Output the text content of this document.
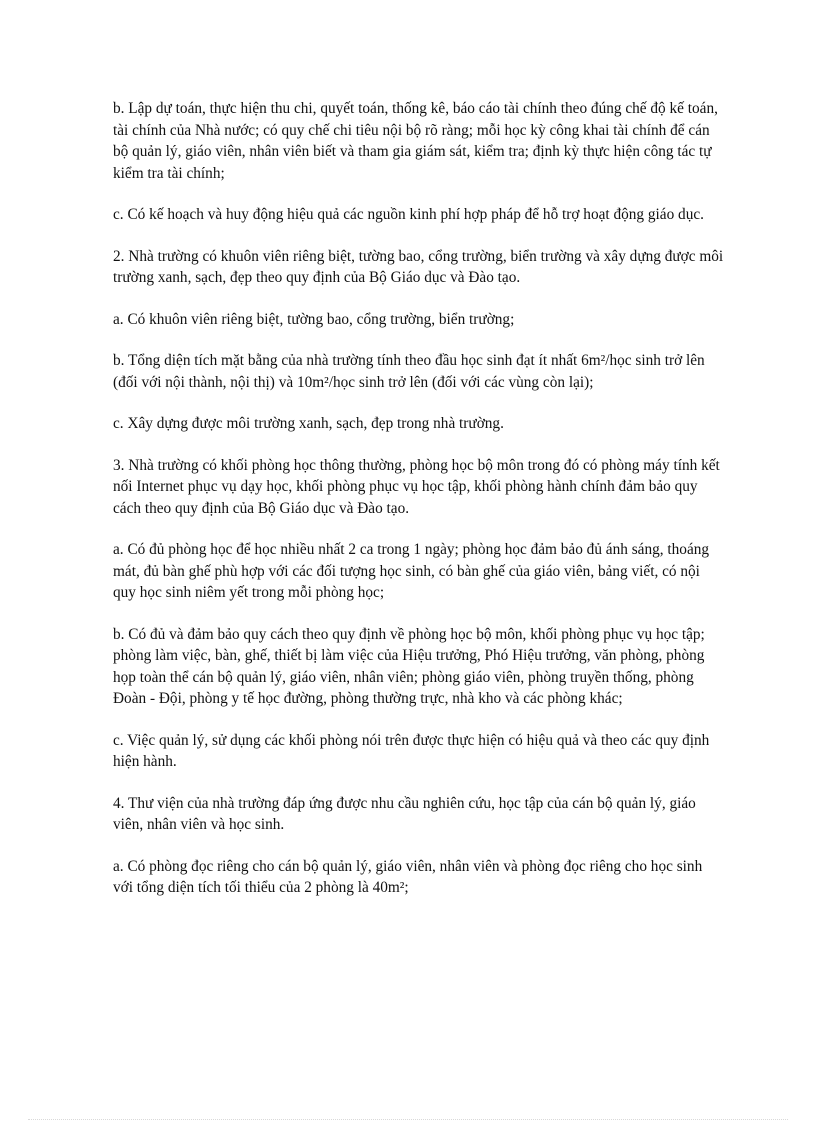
b. Lập dự toán, thực hiện thu chi, quyết toán, thống kê, báo cáo tài chính theo đúng chế độ kế toán, tài chính của Nhà nước; có quy chế chi tiêu nội bộ rõ ràng; mỗi học kỳ công khai tài chính để cán bộ quản lý, giáo viên, nhân viên biết và tham gia giám sát, kiểm tra; định kỳ thực hiện công tác tự kiểm tra tài chính;

c. Có kế hoạch và huy động hiệu quả các nguồn kinh phí hợp pháp để hỗ trợ hoạt động giáo dục.

2. Nhà trường có khuôn viên riêng biệt, tường bao, cổng trường, biển trường và xây dựng được môi trường xanh, sạch, đẹp theo quy định của Bộ Giáo dục và Đào tạo.

a. Có khuôn viên riêng biệt, tường bao, cổng trường, biển trường;

b. Tổng diện tích mặt bằng của nhà trường tính theo đầu học sinh đạt ít nhất 6m²/học sinh trở lên (đối với nội thành, nội thị) và 10m²/học sinh trở lên (đối với các vùng còn lại);

c. Xây dựng được môi trường xanh, sạch, đẹp trong nhà trường.

3. Nhà trường có khối phòng học thông thường, phòng học bộ môn trong đó có phòng máy tính kết nối Internet phục vụ dạy học, khối phòng phục vụ học tập, khối phòng hành chính đảm bảo quy cách theo quy định của Bộ Giáo dục và Đào tạo.

a. Có đủ phòng học để học nhiều nhất 2 ca trong 1 ngày; phòng học đảm bảo đủ ánh sáng, thoáng mát, đủ bàn ghế phù hợp với các đối tượng học sinh, có bàn ghế của giáo viên, bảng viết, có nội quy học sinh niêm yết trong mỗi phòng học;

b. Có đủ và đảm bảo quy cách theo quy định về phòng học bộ môn, khối phòng phục vụ học tập; phòng làm việc, bàn, ghế, thiết bị làm việc của Hiệu trưởng, Phó Hiệu trưởng, văn phòng, phòng họp toàn thể cán bộ quản lý, giáo viên, nhân viên; phòng giáo viên, phòng truyền thống, phòng Đoàn - Đội, phòng y tế học đường, phòng thường trực, nhà kho và các phòng khác;

c. Việc quản lý, sử dụng các khối phòng nói trên được thực hiện có hiệu quả và theo các quy định hiện hành.

4. Thư viện của nhà trường đáp ứng được nhu cầu nghiên cứu, học tập của cán bộ quản lý, giáo viên, nhân viên và học sinh.

a. Có phòng đọc riêng cho cán bộ quản lý, giáo viên, nhân viên và phòng đọc riêng cho học sinh với tổng diện tích tối thiểu của 2 phòng là 40m²;
